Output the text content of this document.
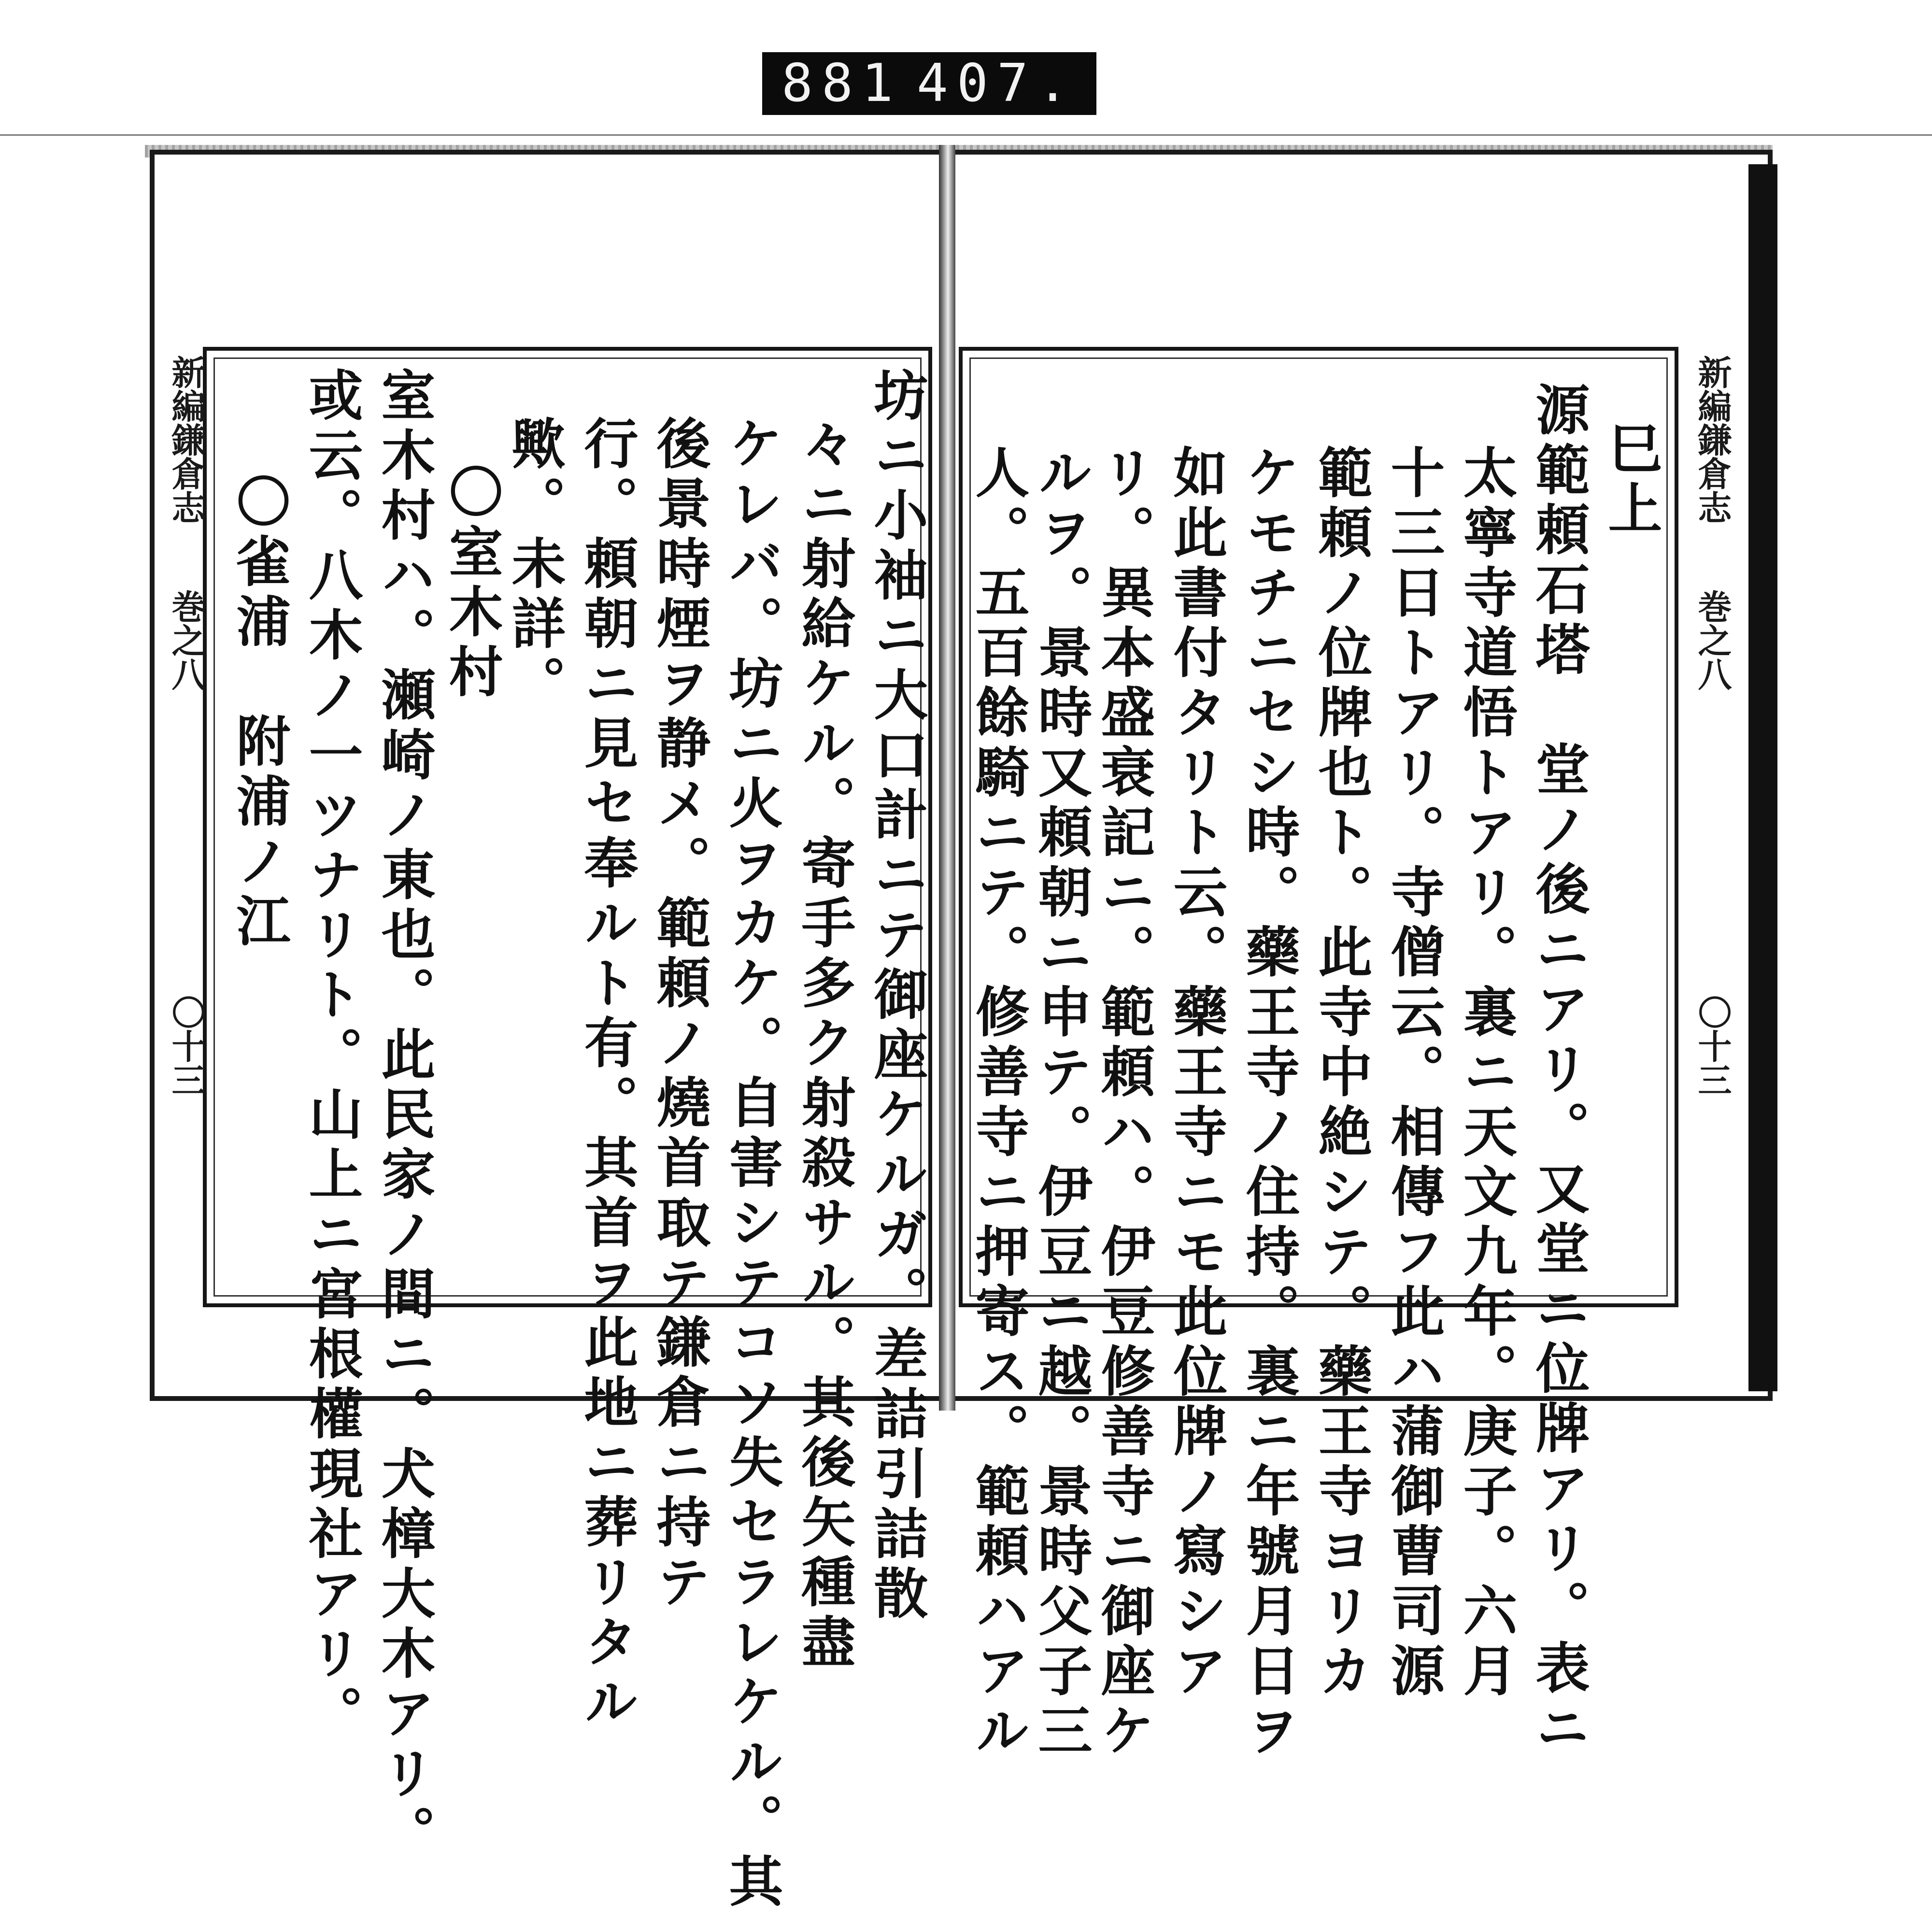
881 407.
新編鎌倉志
巻之八
〇十三
新編鎌倉志
巻之八
〇十三
巳上
源範頼石塔　堂ノ後ニアリ。又堂ニ位牌アリ。表ニ
太寧寺道悟トアリ。裏ニ天文九年。庚子。六月
十三日トアリ。寺僧云。相傳フ此ハ蒲御曹司源
範頼ノ位牌也ト。此寺中絶シテ。藥王寺ヨリカ
ケモチニセシ時。藥王寺ノ住持。裏ニ年號月日ヲ
如此書付タリト云。藥王寺ニモ此位牌ノ寫シア
リ。異本盛衰記ニ。範頼ハ。伊豆修善寺ニ御座ケ
ルヲ。景時又頼朝ニ申テ。伊豆ニ越。景時父子三
人。五百餘騎ニテ。修善寺ニ押寄ス。範頼ハアル
坊ニ小袖ニ大口計ニテ御座ケルガ。差詰引詰散
々ニ射給ケル。寄手多ク射殺サル。其後矢種盡
ケレバ。坊ニ火ヲカケ。自害シテコソ失セラレケル。其
後景時煙ヲ静メ。範頼ノ燒首取テ鎌倉ニ持テ
行。頼朝ニ見セ奉ルト有。其首ヲ此地ニ葬リタル
歟。未詳。
〇室木村
室木村ハ。瀬崎ノ東也。此民家ノ間ニ。犬樟大木アリ。
或云。八木ノ一ツナリト。山上ニ宮根權現社アリ。
〇雀浦　附浦ノ江
